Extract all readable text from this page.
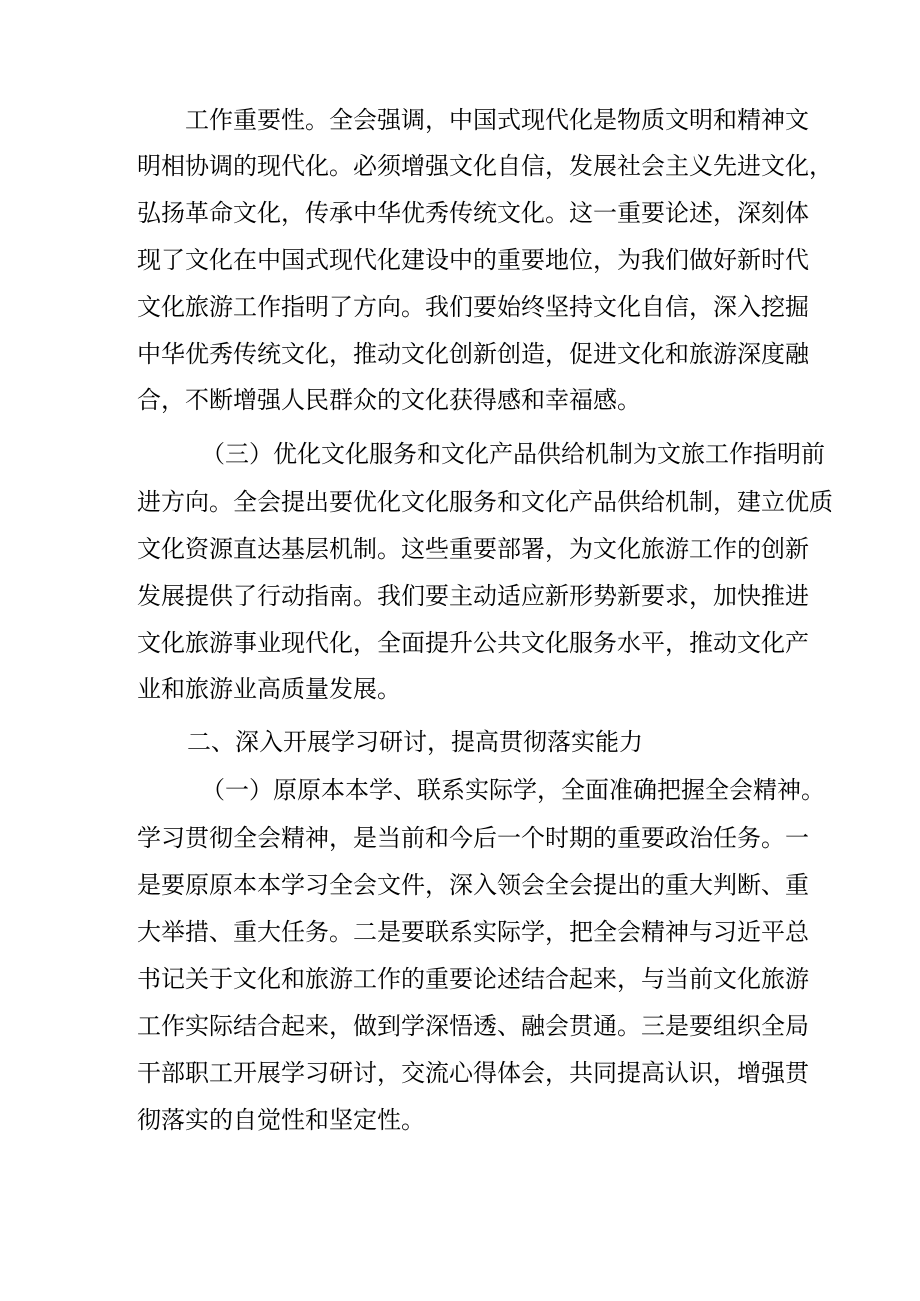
工作重要性。全会强调，中国式现代化是物质文明和精神文
明相协调的现代化。必须增强文化自信，发展社会主义先进文化，
弘扬革命文化，传承中华优秀传统文化。这一重要论述，深刻体
现了文化在中国式现代化建设中的重要地位，为我们做好新时代
文化旅游工作指明了方向。我们要始终坚持文化自信，深入挖掘
中华优秀传统文化，推动文化创新创造，促进文化和旅游深度融
合，不断增强人民群众的文化获得感和幸福感。
（三）优化文化服务和文化产品供给机制为文旅工作指明前
进方向。全会提出要优化文化服务和文化产品供给机制，建立优质
文化资源直达基层机制。这些重要部署，为文化旅游工作的创新
发展提供了行动指南。我们要主动适应新形势新要求，加快推进
文化旅游事业现代化，全面提升公共文化服务水平，推动文化产
业和旅游业高质量发展。
二、深入开展学习研讨，提高贯彻落实能力
（一）原原本本学、联系实际学，全面准确把握全会精神。
学习贯彻全会精神，是当前和今后一个时期的重要政治任务。一
是要原原本本学习全会文件，深入领会全会提出的重大判断、重
大举措、重大任务。二是要联系实际学，把全会精神与习近平总
书记关于文化和旅游工作的重要论述结合起来，与当前文化旅游
工作实际结合起来，做到学深悟透、融会贯通。三是要组织全局
干部职工开展学习研讨，交流心得体会，共同提高认识，增强贯
彻落实的自觉性和坚定性。
